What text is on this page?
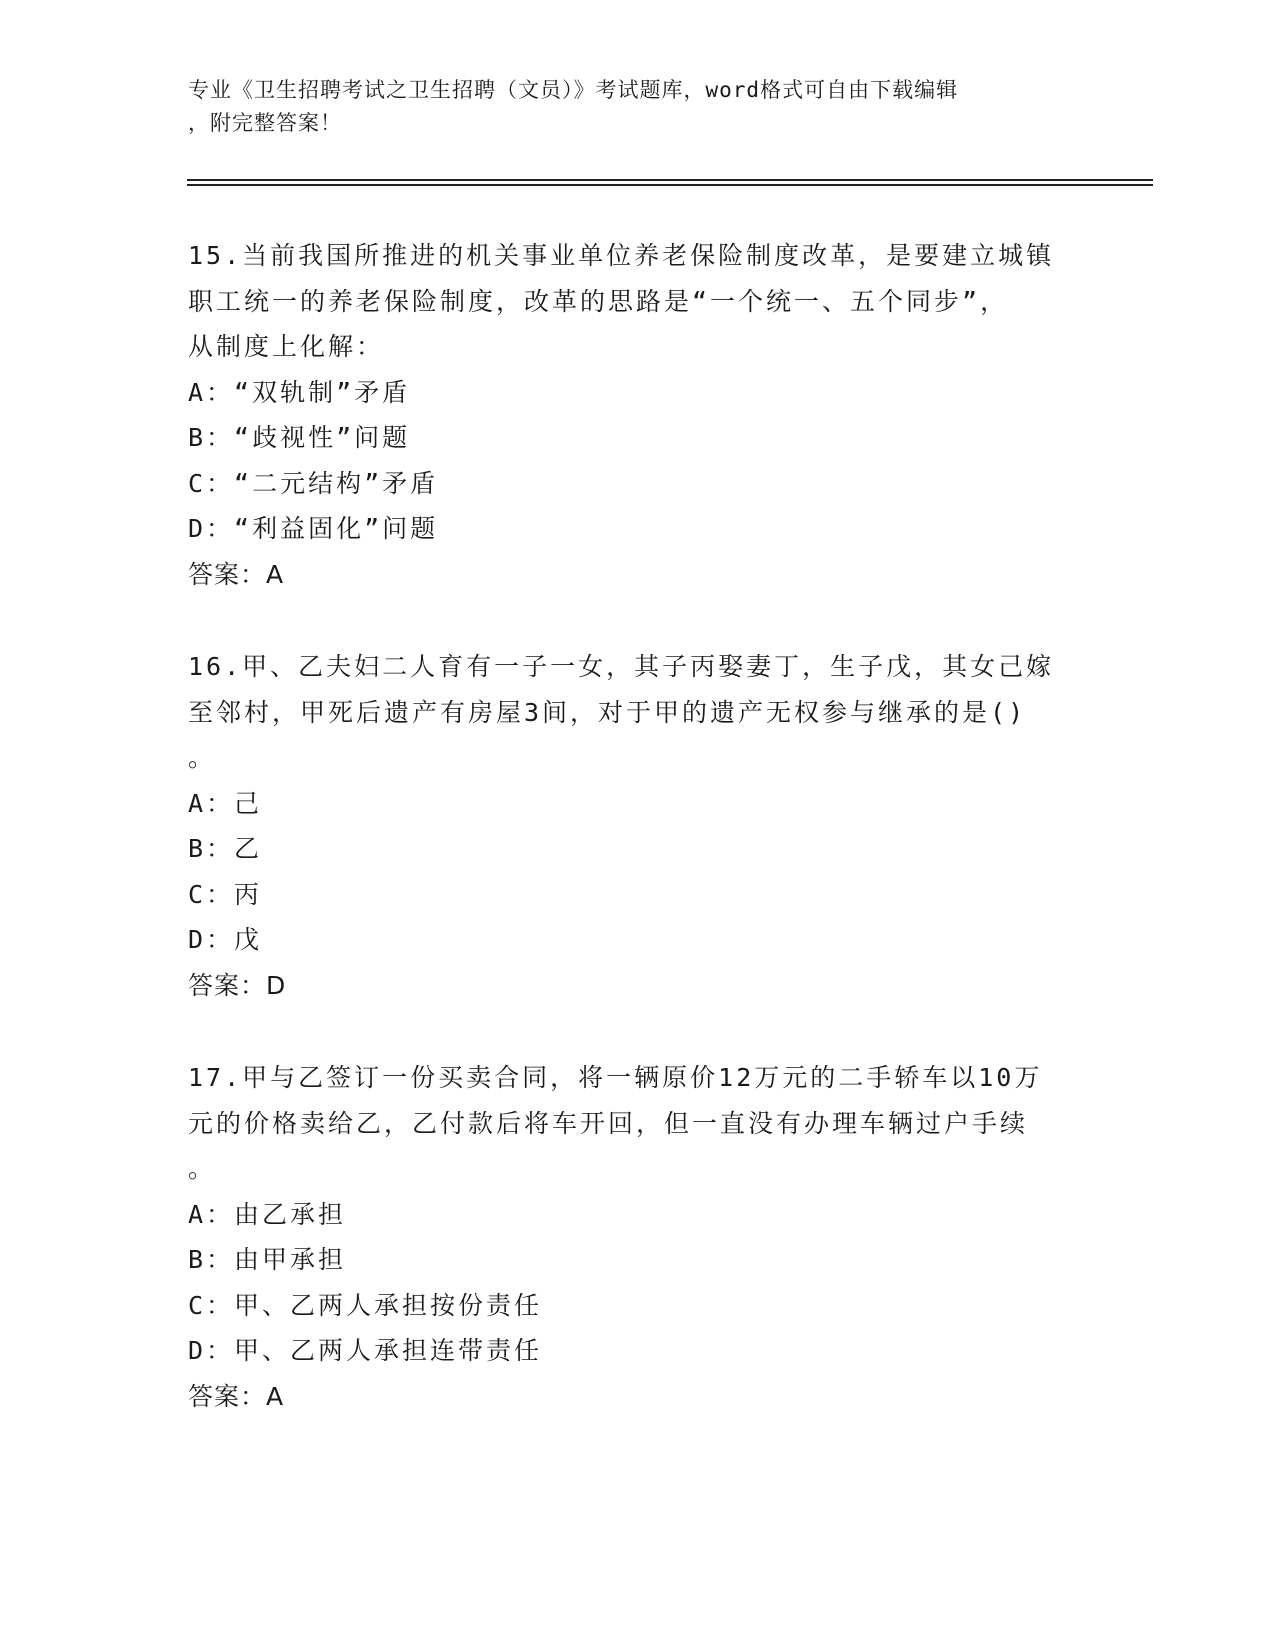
专业《卫生招聘考试之卫生招聘（文员）》考试题库，word格式可自由下载编辑
，附完整答案！
15.当前我国所推进的机关事业单位养老保险制度改革，是要建立城镇
职工统一的养老保险制度，改革的思路是“一个统一、五个同步”，
从制度上化解：
A：“双轨制”矛盾
B：“歧视性”问题
C：“二元结构”矛盾
D：“利益固化”问题
答案：A
16.甲、乙夫妇二人育有一子一女，其子丙娶妻丁，生子戊，其女己嫁
至邻村，甲死后遗产有房屋3间，对于甲的遗产无权参与继承的是()
。
A：己
B：乙
C：丙
D：戊
答案：D
17.甲与乙签订一份买卖合同，将一辆原价12万元的二手轿车以10万
元的价格卖给乙，乙付款后将车开回，但一直没有办理车辆过户手续
。
A：由乙承担
B：由甲承担
C：甲、乙两人承担按份责任
D：甲、乙两人承担连带责任
答案：A
